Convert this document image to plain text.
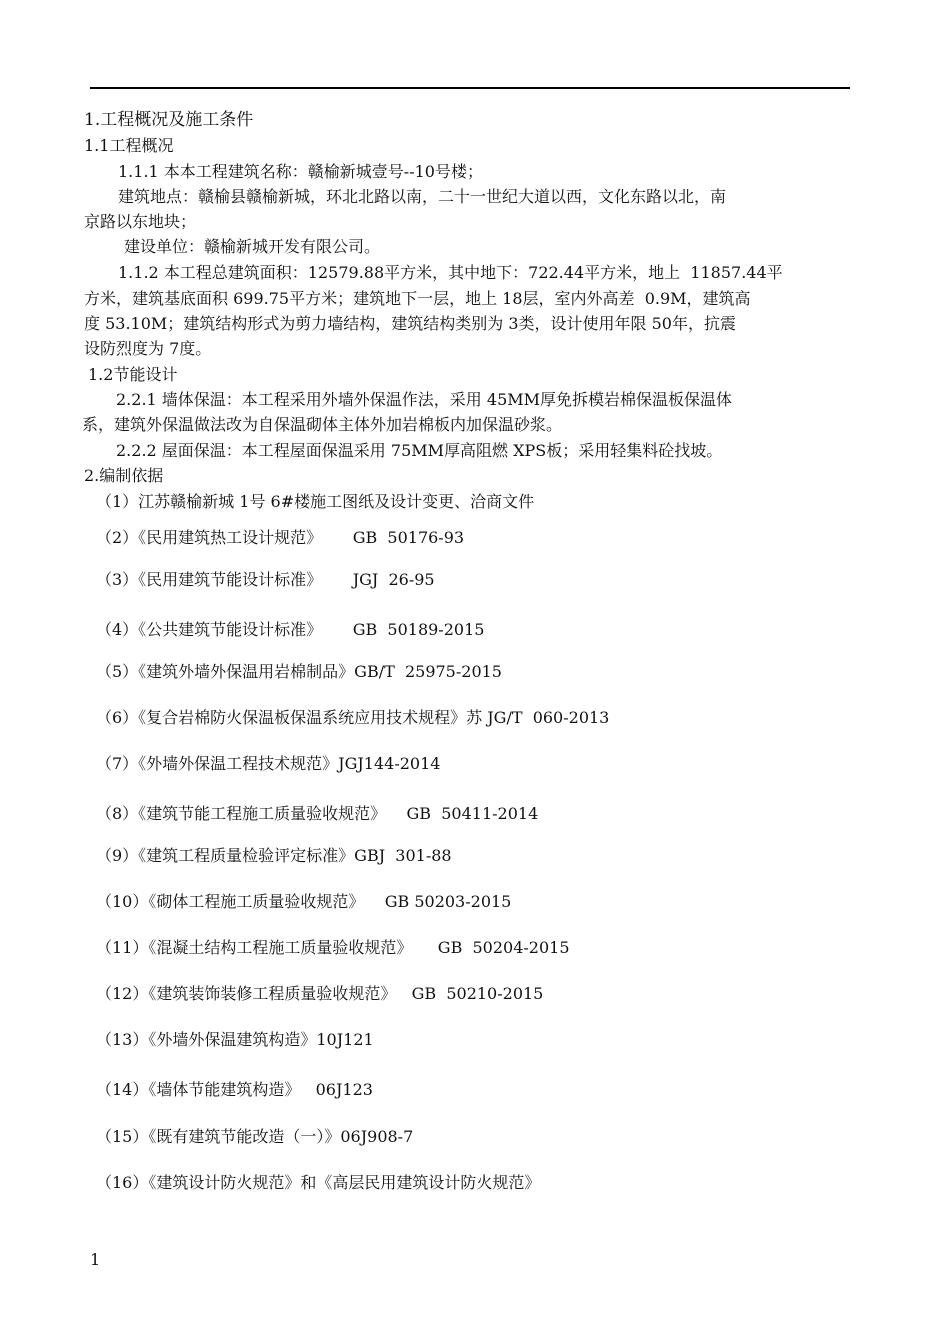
1.工程概况及施工条件
1.1工程概况
1.1.1 本本工程建筑名称：赣榆新城壹号--10号楼；
建筑地点：赣榆县赣榆新城，环北北路以南，二十一世纪大道以西，文化东路以北，南
京路以东地块；
建设单位：赣榆新城开发有限公司。
1.1.2 本工程总建筑面积：12579.88平方米，其中地下：722.44平方米，地上  11857.44平
方米，建筑基底面积 699.75平方米；建筑地下一层，地上 18层，室内外高差  0.9M，建筑高
度 53.10M；建筑结构形式为剪力墙结构，建筑结构类别为 3类，设计使用年限 50年，抗震
设防烈度为 7度。
1.2节能设计
2.2.1 墙体保温：本工程采用外墙外保温作法，采用 45MM厚免拆模岩棉保温板保温体
系，建筑外保温做法改为自保温砌体主体外加岩棉板内加保温砂浆。
2.2.2 屋面保温：本工程屋面保温采用 75MM厚高阻燃 XPS板；采用轻集料砼找坡。
2.编制依据
（1）江苏赣榆新城 1号 6#楼施工图纸及设计变更、洽商文件
（2）《民用建筑热工设计规范》      GB  50176-93
（3）《民用建筑节能设计标准》      JGJ  26-95
（4）《公共建筑节能设计标准》      GB  50189-2015
（5）《建筑外墙外保温用岩棉制品》GB/T  25975-2015
（6）《复合岩棉防火保温板保温系统应用技术规程》苏 JG/T  060-2013
（7）《外墙外保温工程技术规范》JGJ144-2014
（8）《建筑节能工程施工质量验收规范》    GB  50411-2014
（9）《建筑工程质量检验评定标准》GBJ  301-88
（10）《砌体工程施工质量验收规范》    GB 50203-2015
（11）《混凝土结构工程施工质量验收规范》     GB  50204-2015
（12）《建筑装饰装修工程质量验收规范》   GB  50210-2015
（13）《外墙外保温建筑构造》10J121
（14）《墙体节能建筑构造》   06J123
（15）《既有建筑节能改造（一）》06J908-7
（16）《建筑设计防火规范》和《高层民用建筑设计防火规范》
1
